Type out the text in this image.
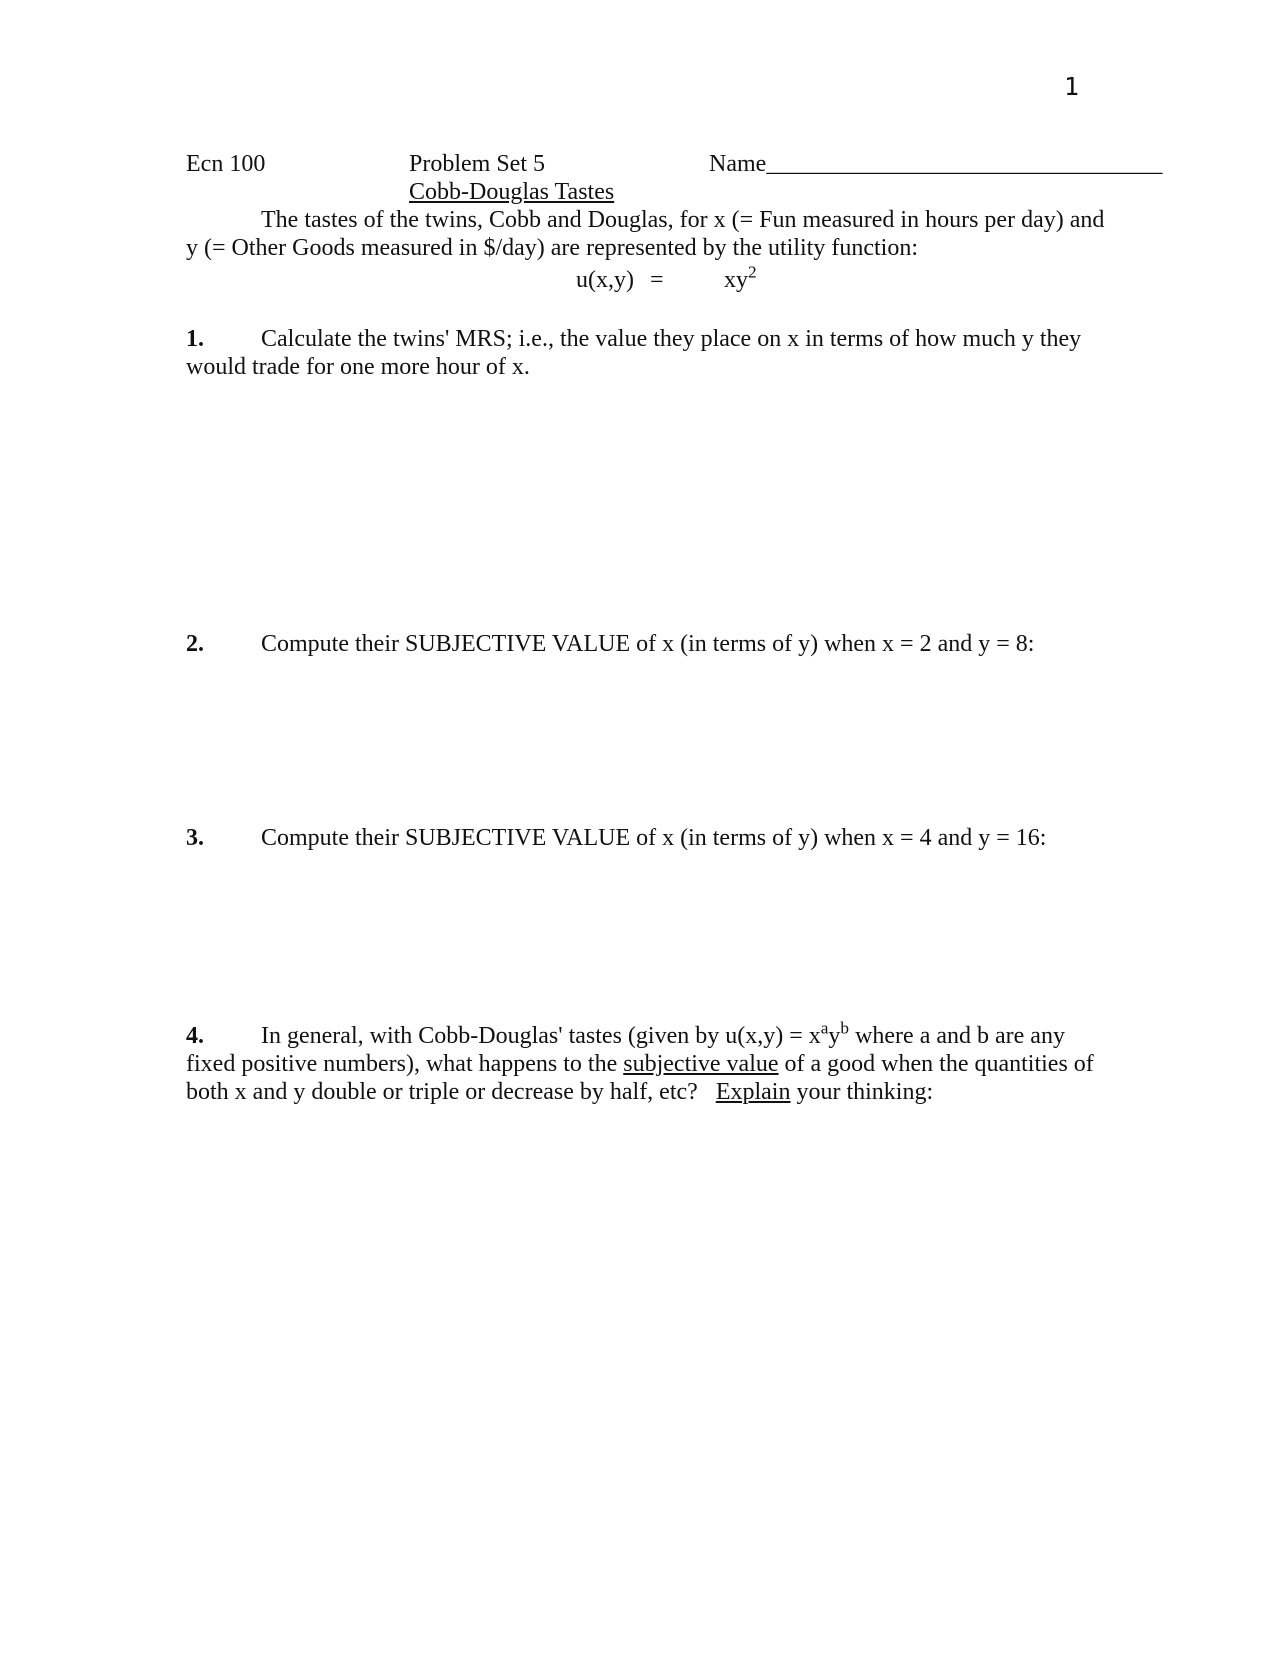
1
Ecn 100	Problem Set 5	Name_________________________________
Cobb-Douglas Tastes
The tastes of the twins, Cobb and Douglas, for x (= Fun measured in hours per day) and
y (= Other Goods measured in $/day) are represented by the utility function:
u(x,y) =	$xy^2$
1. Calculate the twins' MRS; i.e., the value they place on x in terms of how much y they
would trade for one more hour of x.
2. Compute their SUBJECTIVE VALUE of x (in terms of y) when x = 2 and y = 8:
3. Compute their SUBJECTIVE VALUE of x (in terms of y) when x = 4 and y = 16:
4. In general, with Cobb-Douglas' tastes (given by $u(x,y) = x^ay^b$ where a and b are any
fixed positive numbers), what happens to the subjective value of a good when the quantities of
both x and y double or triple or decrease by half, etc?   Explain your thinking:
